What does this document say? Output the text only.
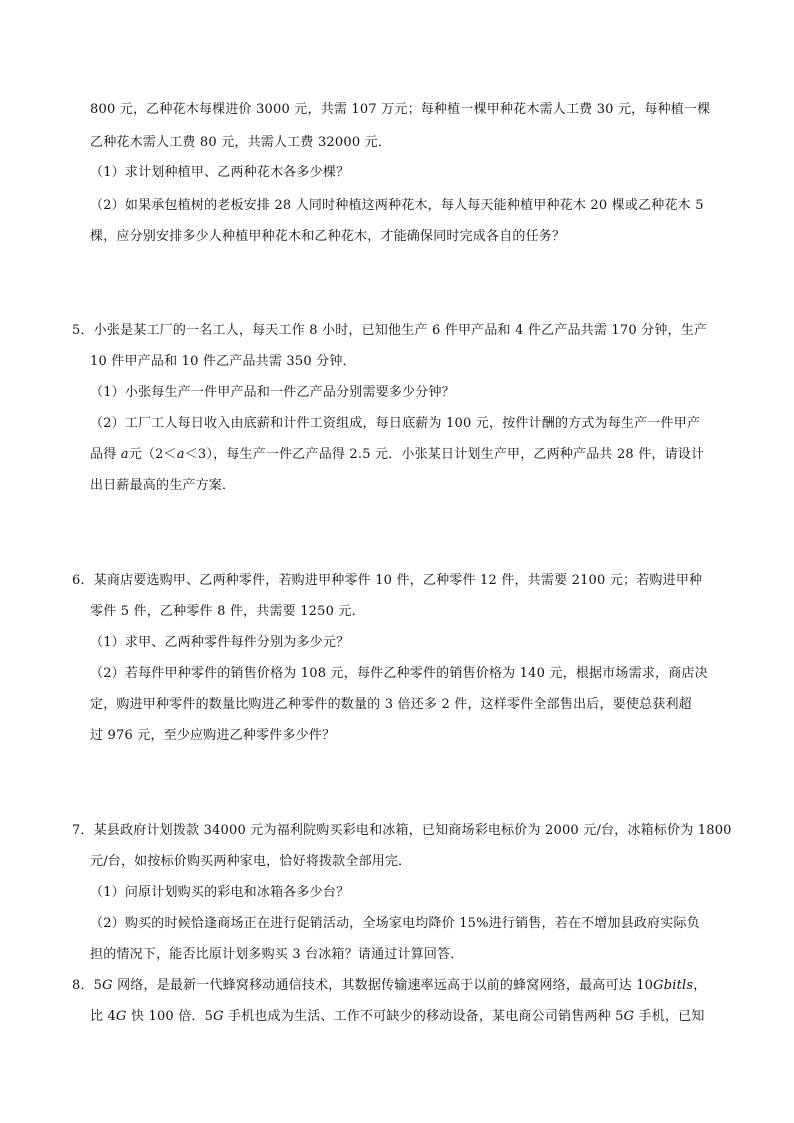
800 元，乙种花木每棵进价 3000 元，共需 107 万元；每种植一棵甲种花木需人工费 30 元，每种植一棵
乙种花木需人工费 80 元，共需人工费 32000 元．
（1）求计划种植甲、乙两种花木各多少棵？
（2）如果承包植树的老板安排 28 人同时种植这两种花木，每人每天能种植甲种花木 20 棵或乙种花木 5
棵，应分别安排多少人种植甲种花木和乙种花木，才能确保同时完成各自的任务？
5．小张是某工厂的一名工人，每天工作 8 小时，已知他生产 6 件甲产品和 4 件乙产品共需 170 分钟，生产
10 件甲产品和 10 件乙产品共需 350 分钟．
（1）小张每生产一件甲产品和一件乙产品分别需要多少分钟？
（2）工厂工人每日收入由底薪和计件工资组成，每日底薪为 100 元，按件计酬的方式为每生产一件甲产
品得 a元（2＜a＜3），每生产一件乙产品得 2.5 元．小张某日计划生产甲，乙两种产品共 28 件，请设计
出日薪最高的生产方案．
6．某商店要选购甲、乙两种零件，若购进甲种零件 10 件，乙种零件 12 件，共需要 2100 元；若购进甲种
零件 5 件，乙种零件 8 件，共需要 1250 元．
（1）求甲、乙两种零件每件分别为多少元？
（2）若每件甲种零件的销售价格为 108 元，每件乙种零件的销售价格为 140 元，根据市场需求，商店决
定，购进甲种零件的数量比购进乙种零件的数量的 3 倍还多 2 件，这样零件全部售出后，要使总获利超
过 976 元，至少应购进乙种零件多少件？
7．某县政府计划拨款 34000 元为福利院购买彩电和冰箱，已知商场彩电标价为 2000 元/台，冰箱标价为 1800
元/台，如按标价购买两种家电，恰好将拨款全部用完．
（1）问原计划购买的彩电和冰箱各多少台？
（2）购买的时候恰逢商场正在进行促销活动，全场家电均降价 15%进行销售，若在不增加县政府实际负
担的情况下，能否比原计划多购买 3 台冰箱？请通过计算回答．
8．5G 网络，是最新一代蜂窝移动通信技术，其数据传输速率远高于以前的蜂窝网络，最高可达 10Gbitls，
比 4G 快 100 倍．5G 手机也成为生活、工作不可缺少的移动设备，某电商公司销售两种 5G 手机，已知
